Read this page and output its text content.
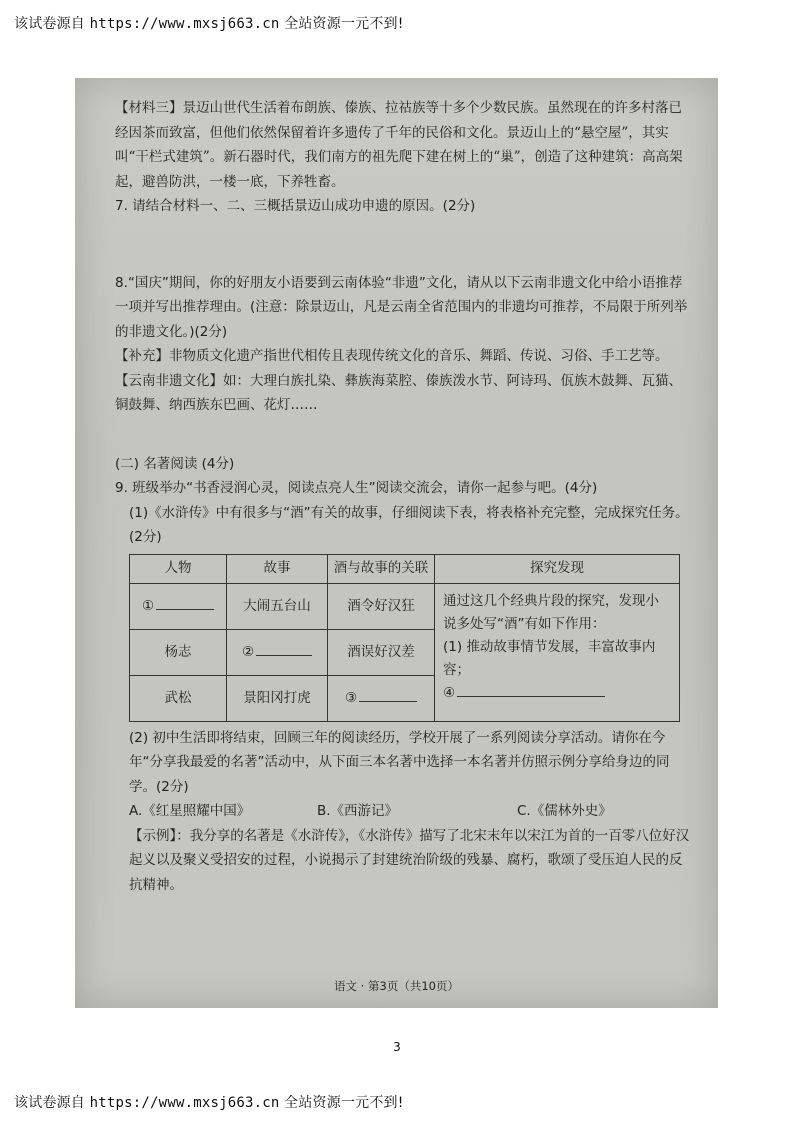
该试卷源自 https://www.mxsj663.cn 全站资源一元不到!

【材料三】景迈山世代生活着布朗族、傣族、拉祜族等十多个少数民族。虽然现在的许多村落已经因茶而致富，但他们依然保留着许多遗传了千年的民俗和文化。景迈山上的“悬空屋”，其实叫“干栏式建筑”。新石器时代，我们南方的祖先爬下建在树上的“巢”，创造了这种建筑：高高架起，避兽防洪，一楼一底，下养牲畜。

7. 请结合材料一、二、三概括景迈山成功申遗的原因。(2分)

8.“国庆”期间，你的好朋友小语要到云南体验“非遗”文化，请从以下云南非遗文化中给小语推荐一项并写出推荐理由。(注意：除景迈山，凡是云南全省范围内的非遗均可推荐，不局限于所列举的非遗文化。)(2分)

【补充】非物质文化遗产指世代相传且表现传统文化的音乐、舞蹈、传说、习俗、手工艺等。

【云南非遗文化】如：大理白族扎染、彝族海菜腔、傣族泼水节、阿诗玛、佤族木鼓舞、瓦猫、铜鼓舞、纳西族东巴画、花灯……

(二) 名著阅读 (4分)

9. 班级举办“书香浸润心灵，阅读点亮人生”阅读交流会，请你一起参与吧。(4分)

(1)《水浒传》中有很多与“酒”有关的故事，仔细阅读下表，将表格补充完整，完成探究任务。(2分)

人物	故事	酒与故事的关联	探究发现
①	大闹五台山	酒令好汉狂	通过这几个经典片段的探究，发现小说多处写“酒”有如下作用：
(1) 推动故事情节发展，丰富故事内容；
④

杨志	②	酒误好汉差	
武松	景阳冈打虎	③	

(2) 初中生活即将结束，回顾三年的阅读经历，学校开展了一系列阅读分享活动。请你在今年“分享我最爱的名著”活动中，从下面三本名著中选择一本名著并仿照示例分享给身边的同学。(2分)

A.《红星照耀中国》	B.《西游记》	C.《儒林外史》

【示例】：我分享的名著是《水浒传》，《水浒传》描写了北宋末年以宋江为首的一百零八位好汉起义以及聚义受招安的过程，小说揭示了封建统治阶级的残暴、腐朽，歌颂了受压迫人民的反抗精神。

语文 · 第3页（共10页）
3
该试卷源自 https://www.mxsj663.cn 全站资源一元不到!
